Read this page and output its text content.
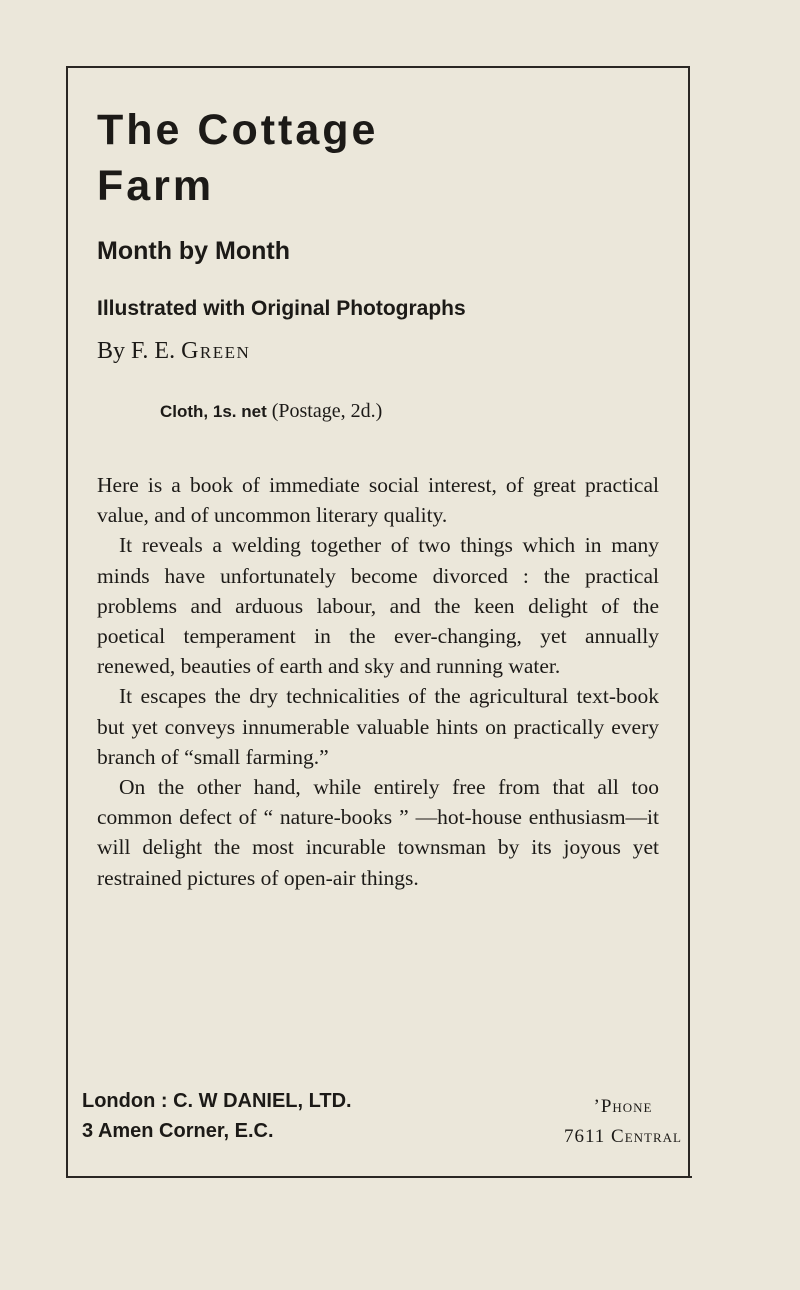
The Cottage
Farm
Month by Month
Illustrated with Original Photographs

By F. E. Green

Cloth, 1s. net (Postage, 2d.)

Here is a book of immediate social interest, of great practical value, and of uncommon literary quality.

It reveals a welding together of two things which in many minds have unfortunately become divorced : the practical problems and arduous labour, and the keen delight of the poetical temperament in the ever-changing, yet annually renewed, beauties of earth and sky and running water.

It escapes the dry technicalities of the agricultural text-book but yet conveys innumerable valuable hints on practically every branch of “small farming.”

On the other hand, while entirely free from that all too common defect of “ nature-books ” —hot-house enthusiasm—it will delight the most incurable townsman by its joyous yet restrained pictures of open-air things.

London : C. W DANIEL, LTD.
3 Amen Corner, E.C.
’Phone
7611 Central
